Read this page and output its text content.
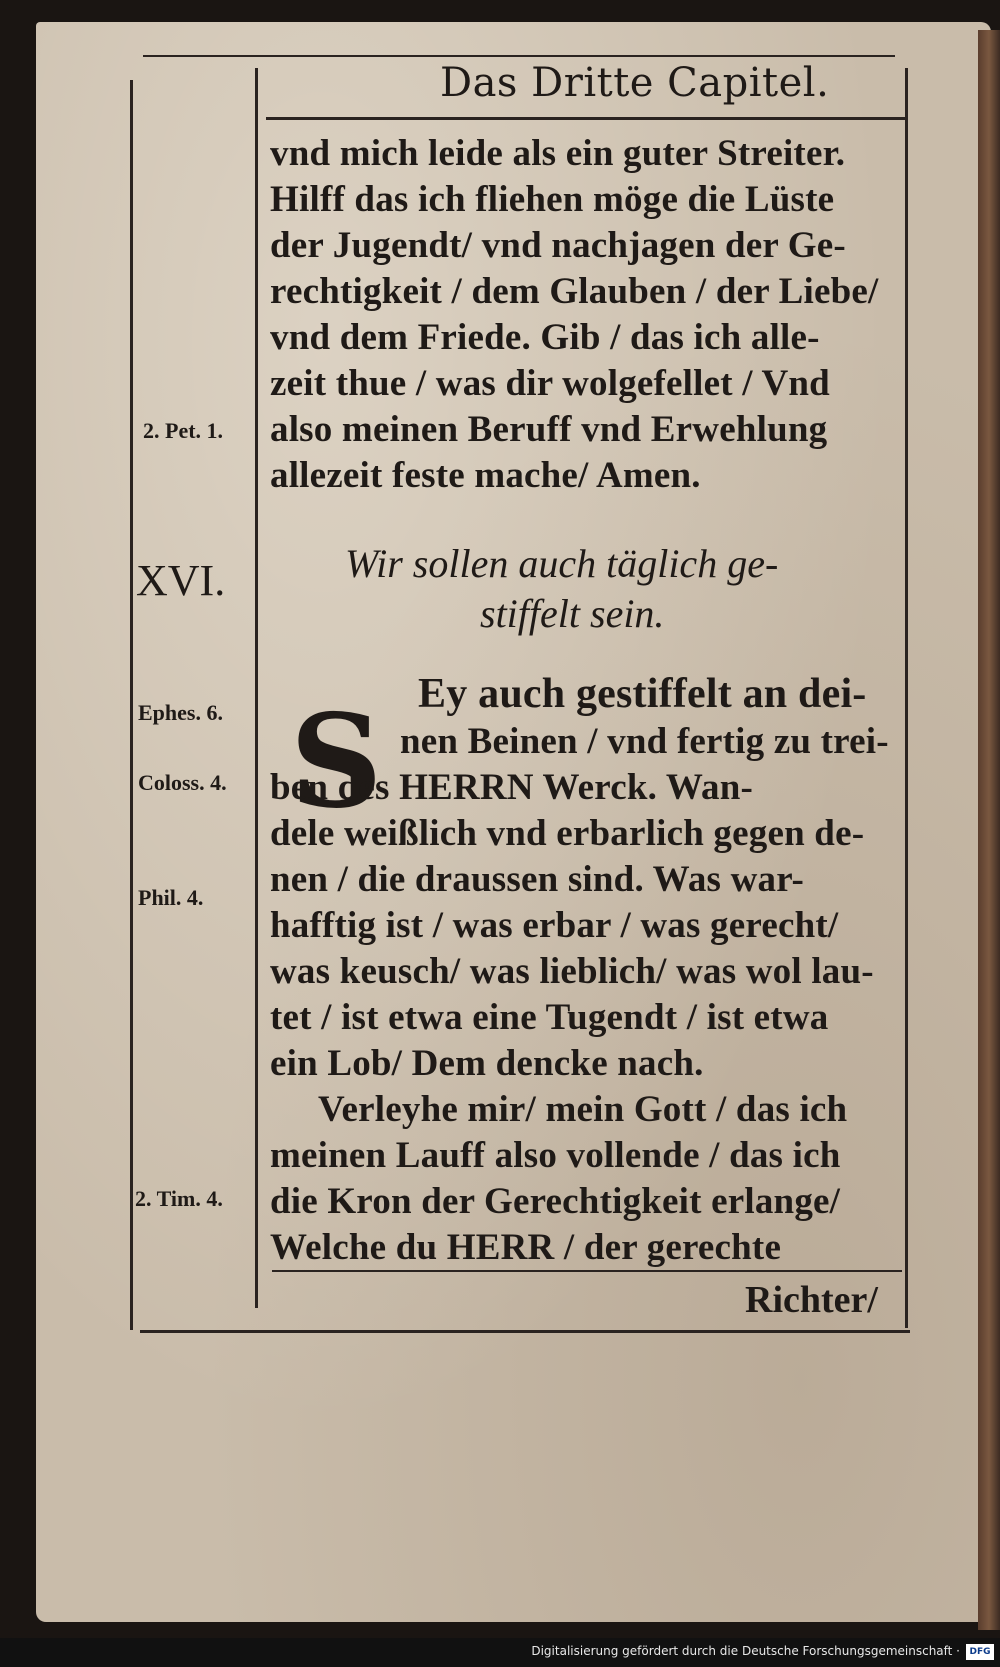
Das Dritte Capitel.
vnd mich leide als ein guter Streiter.
Hilff das ich fliehen möge die Lüste
der Jugendt/ vnd nachjagen der Ge-
rechtigkeit / dem Glauben / der Liebe/
vnd dem Friede. Gib / das ich alle-
zeit thue / was dir wolgefellet / Vnd
also meinen Beruff vnd Erwehlung
allezeit feste mache/ Amen.
2. Pet. 1.
XVI.	Wir sollen auch täglich ge-
stiffelt sein.
S Ey auch gestiffelt an dei-
nen Beinen / vnd fertig zu trei-
ben des HERRN Werck. Wan-
dele weißlich vnd erbarlich gegen de-
nen / die draussen sind. Was war-
hafftig ist / was erbar / was gerecht/
was keusch/ was lieblich/ was wol lau-
tet / ist etwa eine Tugendt / ist etwa
ein Lob/ Dem dencke nach.
Ephes. 6.
Coloss. 4.
Phil. 4.
Verleyhe mir/ mein Gott / das ich
meinen Lauff also vollende / das ich
die Kron der Gerechtigkeit erlange/
Welche du HERR / der gerechte
2. Tim. 4.
Richter/
Digitalisierung gefördert durch die Deutsche Forschungsgemeinschaft ·	DFG
